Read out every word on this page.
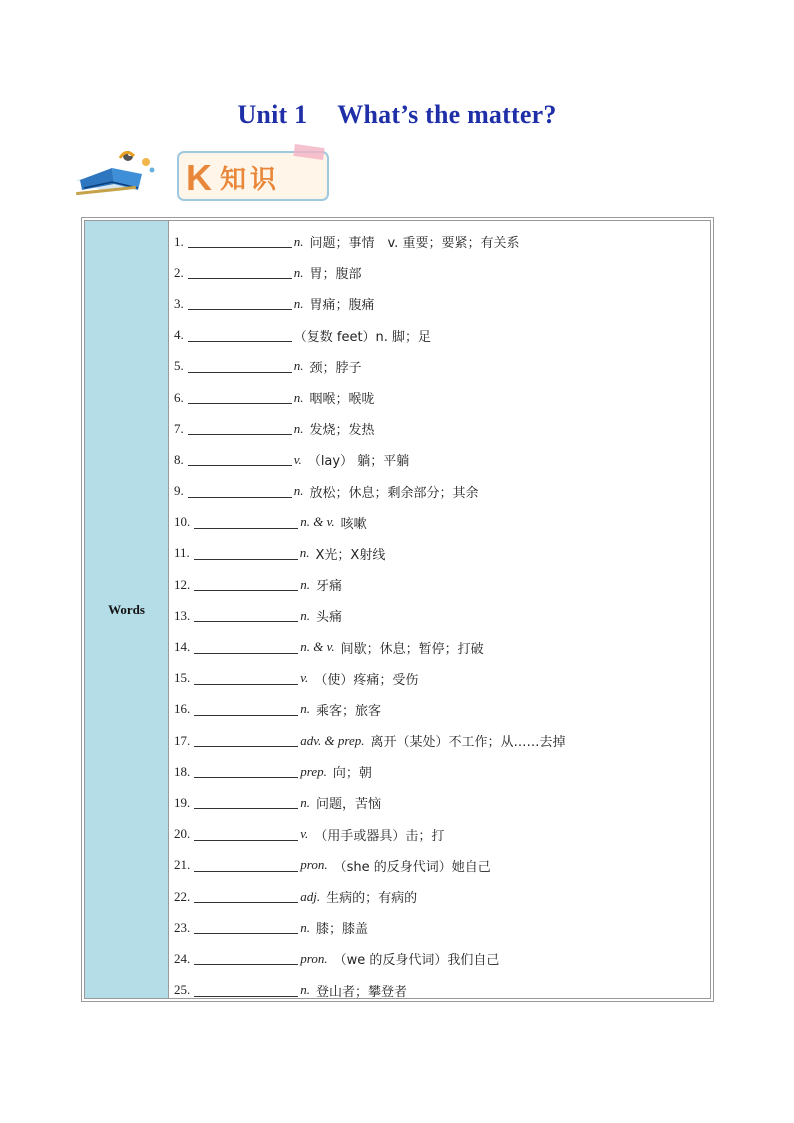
Unit 1 What’s the matter?
K 知识
Words
1.	n. 问题；事情　v. 重要；要紧；有关系
2.	n. 胃；腹部
3.	n. 胃痛；腹痛
4.	（复数 feet）n. 脚；足
5.	n. 颈；脖子
6.	n. 咽喉；喉咙
7.	n. 发烧；发热
8.	v. （lay） 躺；平躺
9.	n. 放松；休息；剩余部分；其余
10.	n. & v. 咳嗽
11.	n. X光；X射线
12.	n. 牙痛
13.	n. 头痛
14.	n. & v. 间歇；休息；暂停；打破
15.	v. （使）疼痛；受伤
16.	n. 乘客；旅客
17.	adv. & prep. 离开（某处）不工作；从……去掉
18.	prep. 向；朝
19.	n. 问题，苦恼
20.	v. （用手或器具）击；打
21.	pron. （she 的反身代词）她自己
22.	adj. 生病的；有病的
23.	n. 膝；膝盖
24.	pron. （we 的反身代词）我们自己
25.	n. 登山者；攀登者
